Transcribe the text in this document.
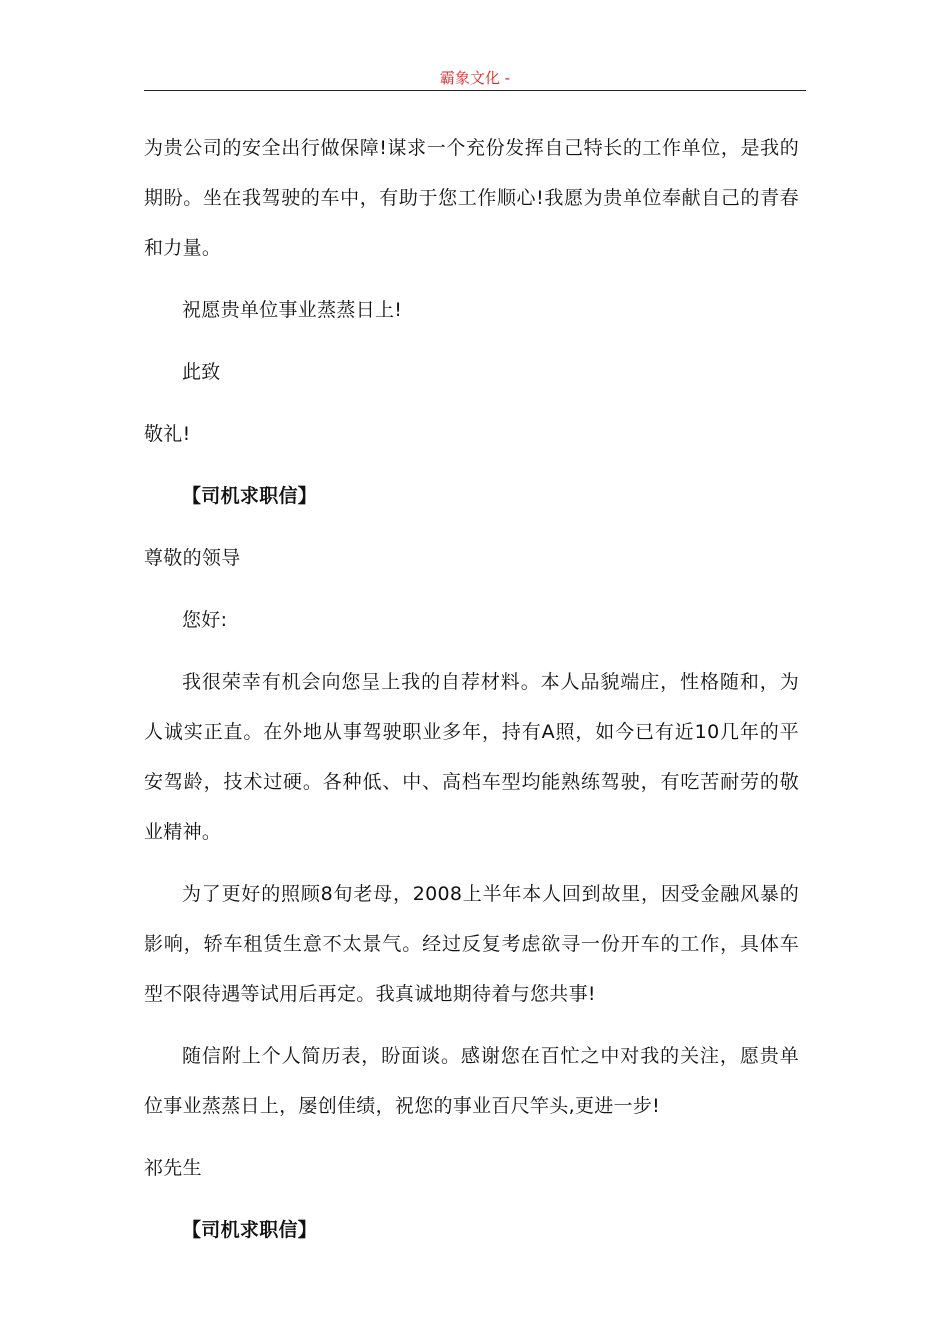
霸象文化 -

为贵公司的安全出行做保障!谋求一个充份发挥自己特长的工作单位，是我的期盼。坐在我驾驶的车中，有助于您工作顺心!我愿为贵单位奉献自己的青春和力量。

祝愿贵单位事业蒸蒸日上!

此致

敬礼!

【司机求职信】

尊敬的领导

您好:

我很荣幸有机会向您呈上我的自荐材料。本人品貌端庄，性格随和，为人诚实正直。在外地从事驾驶职业多年，持有A照，如今已有近10几年的平安驾龄，技术过硬。各种低、中、高档车型均能熟练驾驶，有吃苦耐劳的敬业精神。

为了更好的照顾8旬老母，2008上半年本人回到故里，因受金融风暴的影响，轿车租赁生意不太景气。经过反复考虑欲寻一份开车的工作，具体车型不限待遇等试用后再定。我真诚地期待着与您共事!

随信附上个人简历表，盼面谈。感谢您在百忙之中对我的关注，愿贵单位事业蒸蒸日上，屡创佳绩，祝您的事业百尺竿头,更进一步!

祁先生

【司机求职信】
